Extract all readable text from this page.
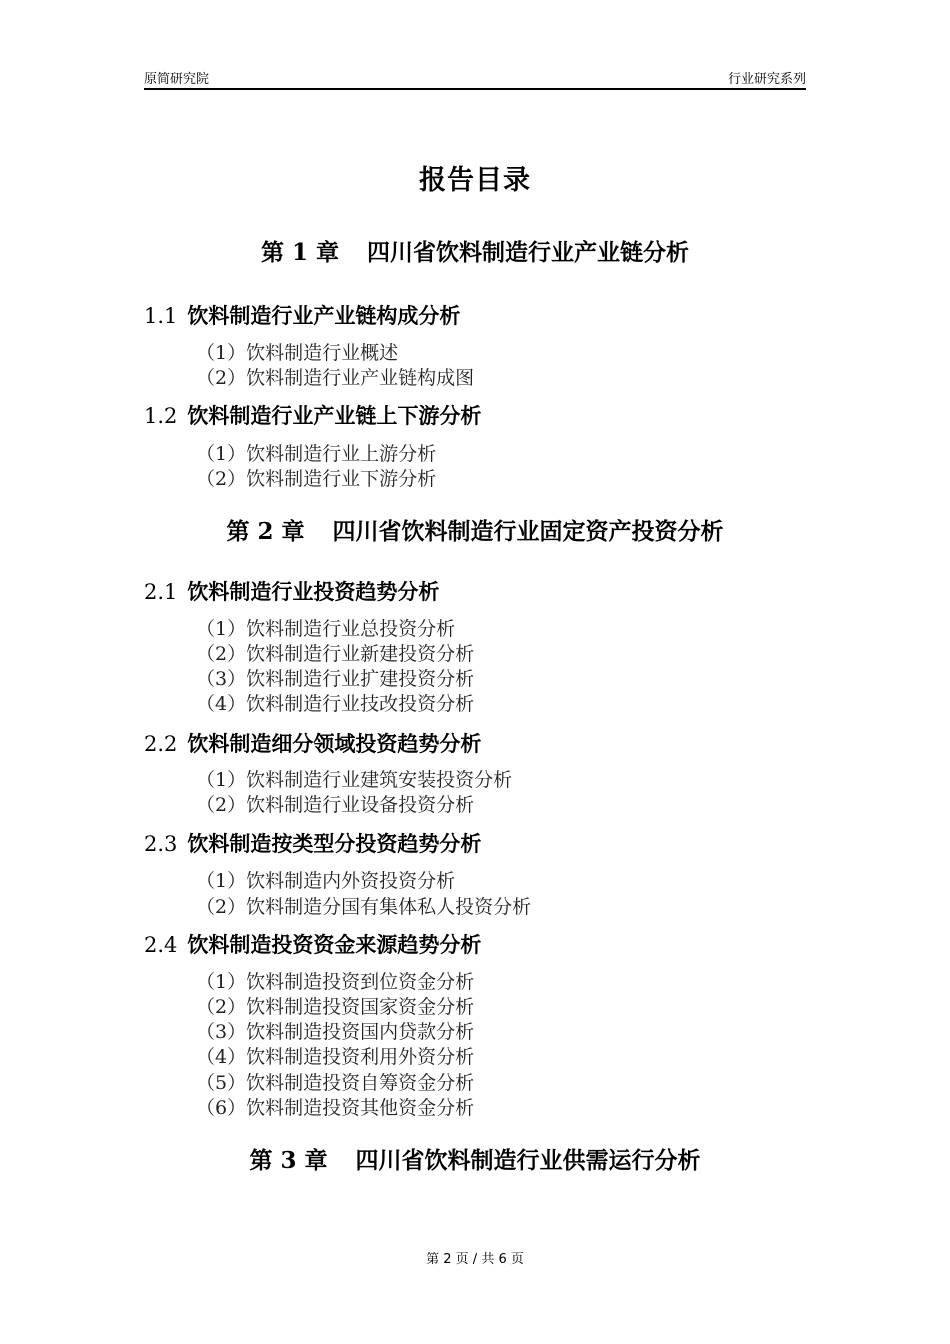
原简研究院	行业研究系列
报告目录
第 1 章 四川省饮料制造行业产业链分析
1.1 饮料制造行业产业链构成分析
（1）饮料制造行业概述
（2）饮料制造行业产业链构成图
1.2 饮料制造行业产业链上下游分析
（1）饮料制造行业上游分析
（2）饮料制造行业下游分析
第 2 章 四川省饮料制造行业固定资产投资分析
2.1 饮料制造行业投资趋势分析
（1）饮料制造行业总投资分析
（2）饮料制造行业新建投资分析
（3）饮料制造行业扩建投资分析
（4）饮料制造行业技改投资分析
2.2 饮料制造细分领域投资趋势分析
（1）饮料制造行业建筑安装投资分析
（2）饮料制造行业设备投资分析
2.3 饮料制造按类型分投资趋势分析
（1）饮料制造内外资投资分析
（2）饮料制造分国有集体私人投资分析
2.4 饮料制造投资资金来源趋势分析
（1）饮料制造投资到位资金分析
（2）饮料制造投资国家资金分析
（3）饮料制造投资国内贷款分析
（4）饮料制造投资利用外资分析
（5）饮料制造投资自筹资金分析
（6）饮料制造投资其他资金分析
第 3 章 四川省饮料制造行业供需运行分析
第 2 页 / 共 6 页
